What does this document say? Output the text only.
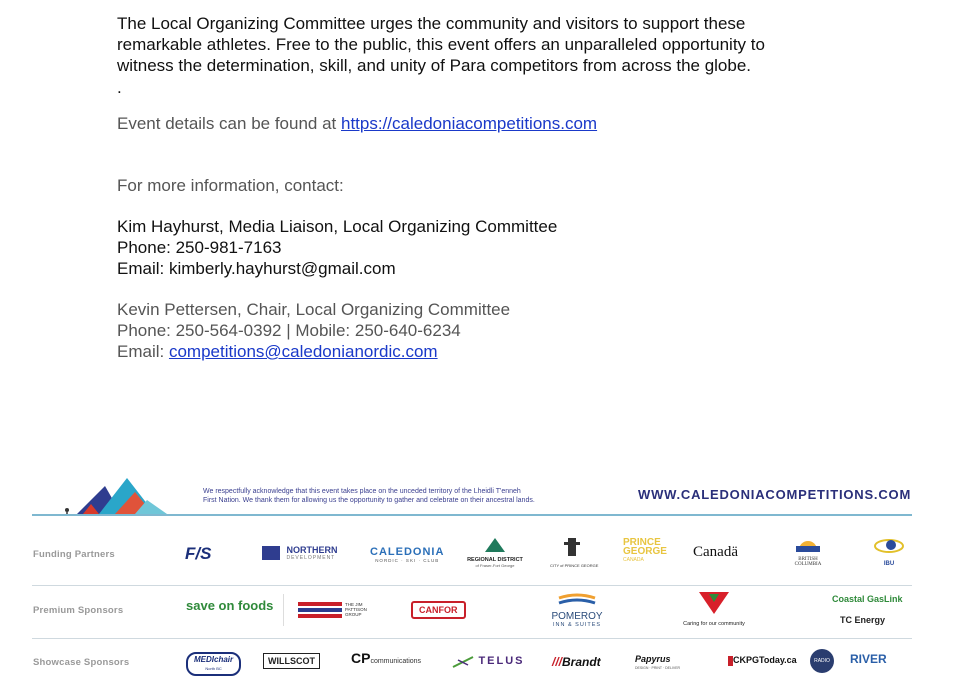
The Local Organizing Committee urges the community and visitors to support these
remarkable athletes. Free to the public, this event offers an unparalleled opportunity to
witness the determination, skill, and unity of Para competitors from across the globe.
.
Event details can be found at https://caledoniacompetitions.com
For more information, contact:
Kim Hayhurst, Media Liaison, Local Organizing Committee
Phone: 250-981-7163
Email: kimberly.hayhurst@gmail.com
Kevin Pettersen, Chair, Local Organizing Committee
Phone: 250-564-0392 | Mobile: 250-640-6234
Email: competitions@caledonianordic.com
We respectfully acknowledge that this event takes place on the unceded territory of the Lheidli T'enneh
First Nation. We thank them for allowing us the opportunity to gather and celebrate on their ancestral lands.	WWW.CALEDONIACOMPETITIONS.COM
Funding Partners	F/S
	NORTHERN
DEVELOPMENT	CALEDONIA
NORDIC · SKI · CLUB	REGIONAL DISTRICT
of Fraser-Fort George	CITY of PRINCE GEORGE
PRINCE
GEORGE
CANADA	Canadä	BRITISH
COLUMBIA	IBU
Premium Sponsors	save on foods	THE JIM PATTISON GROUP	CANFOR
POMEROY
INN & SUITES	Caring for our community
Coastal GasLink
TC Energy
Showcase Sponsors	MEDIchair
North BC
WILLSCOT	CPcommunications	$^{TELUS}$ ///Brandt	Papyrus
DESIGN · PRINT · DELIVER
CKPGToday.ca	RADIO	RIVER
